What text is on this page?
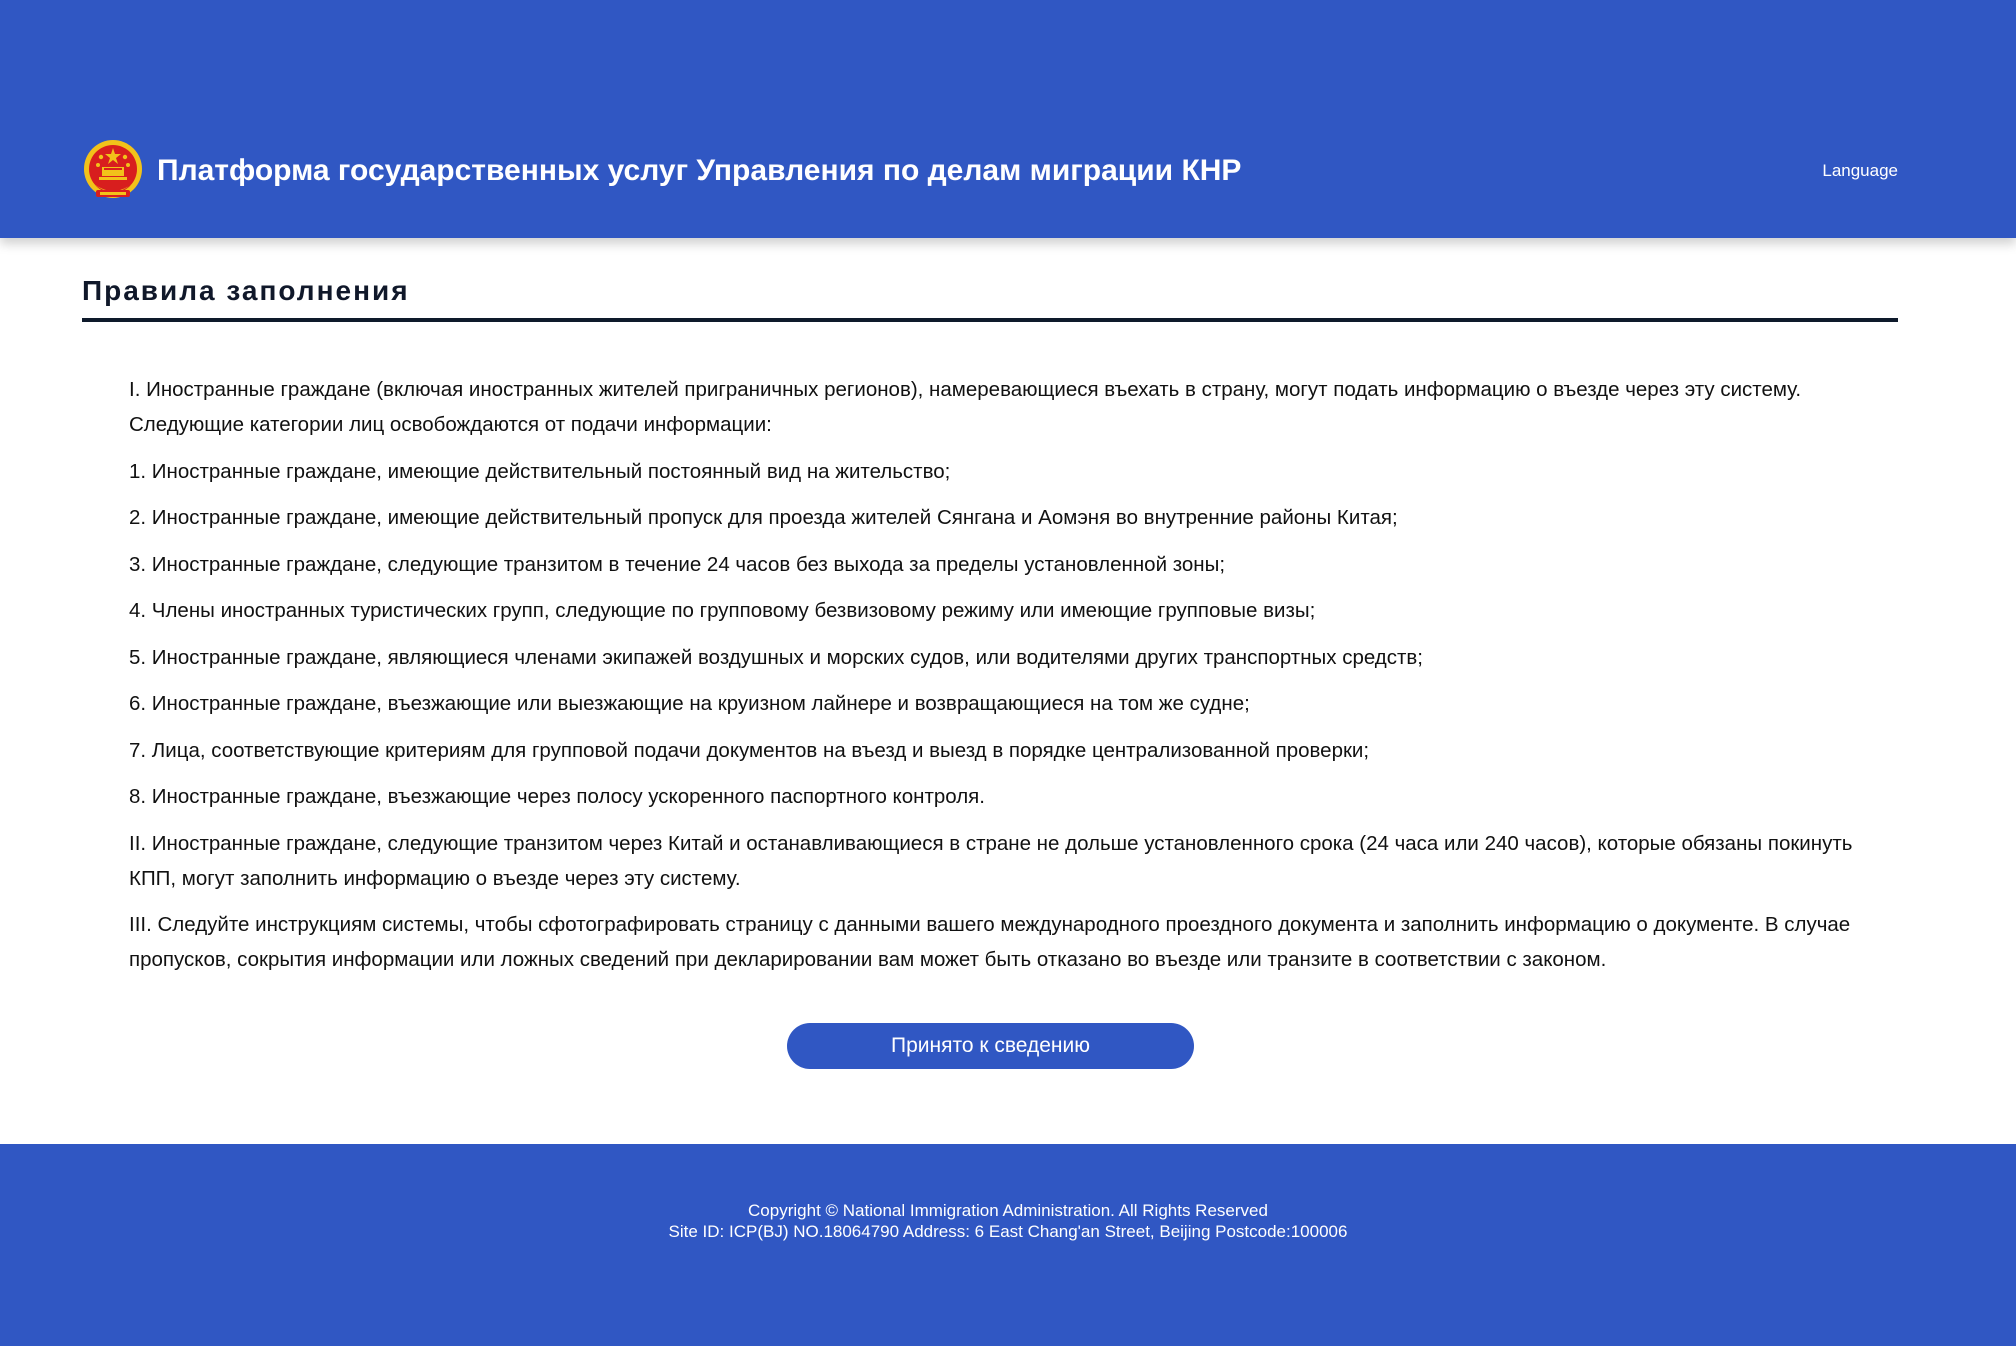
Платформа государственных услуг Управления по делам миграции КНР	Language
Правила заполнения

I. Иностранные граждане (включая иностранных жителей приграничных регионов), намеревающиеся въехать в страну, могут подать информацию о въезде через эту систему. Следующие категории лиц освобождаются от подачи информации:

1. Иностранные граждане, имеющие действительный постоянный вид на жительство;

2. Иностранные граждане, имеющие действительный пропуск для проезда жителей Сянгана и Аомэня во внутренние районы Китая;

3. Иностранные граждане, следующие транзитом в течение 24 часов без выхода за пределы установленной зоны;

4. Члены иностранных туристических групп, следующие по групповому безвизовому режиму или имеющие групповые визы;

5. Иностранные граждане, являющиеся членами экипажей воздушных и морских судов, или водителями других транспортных средств;

6. Иностранные граждане, въезжающие или выезжающие на круизном лайнере и возвращающиеся на том же судне;

7. Лица, соответствующие критериям для групповой подачи документов на въезд и выезд в порядке централизованной проверки;

8. Иностранные граждане, въезжающие через полосу ускоренного паспортного контроля.

II. Иностранные граждане, следующие транзитом через Китай и останавливающиеся в стране не дольше установленного срока (24 часа или 240 часов), которые обязаны покинуть КПП, могут заполнить информацию о въезде через эту систему.

III. Следуйте инструкциям системы, чтобы сфотографировать страницу с данными вашего международного проездного документа и заполнить информацию о документе. В случае пропусков, сокрытия информации или ложных сведений при декларировании вам может быть отказано во въезде или транзите в соответствии с законом.

Принято к сведению
Copyright © National Immigration Administration. All Rights Reserved
Site ID: ICP(BJ) NO.18064790 Address: 6 East Chang'an Street, Beijing Postcode:100006
